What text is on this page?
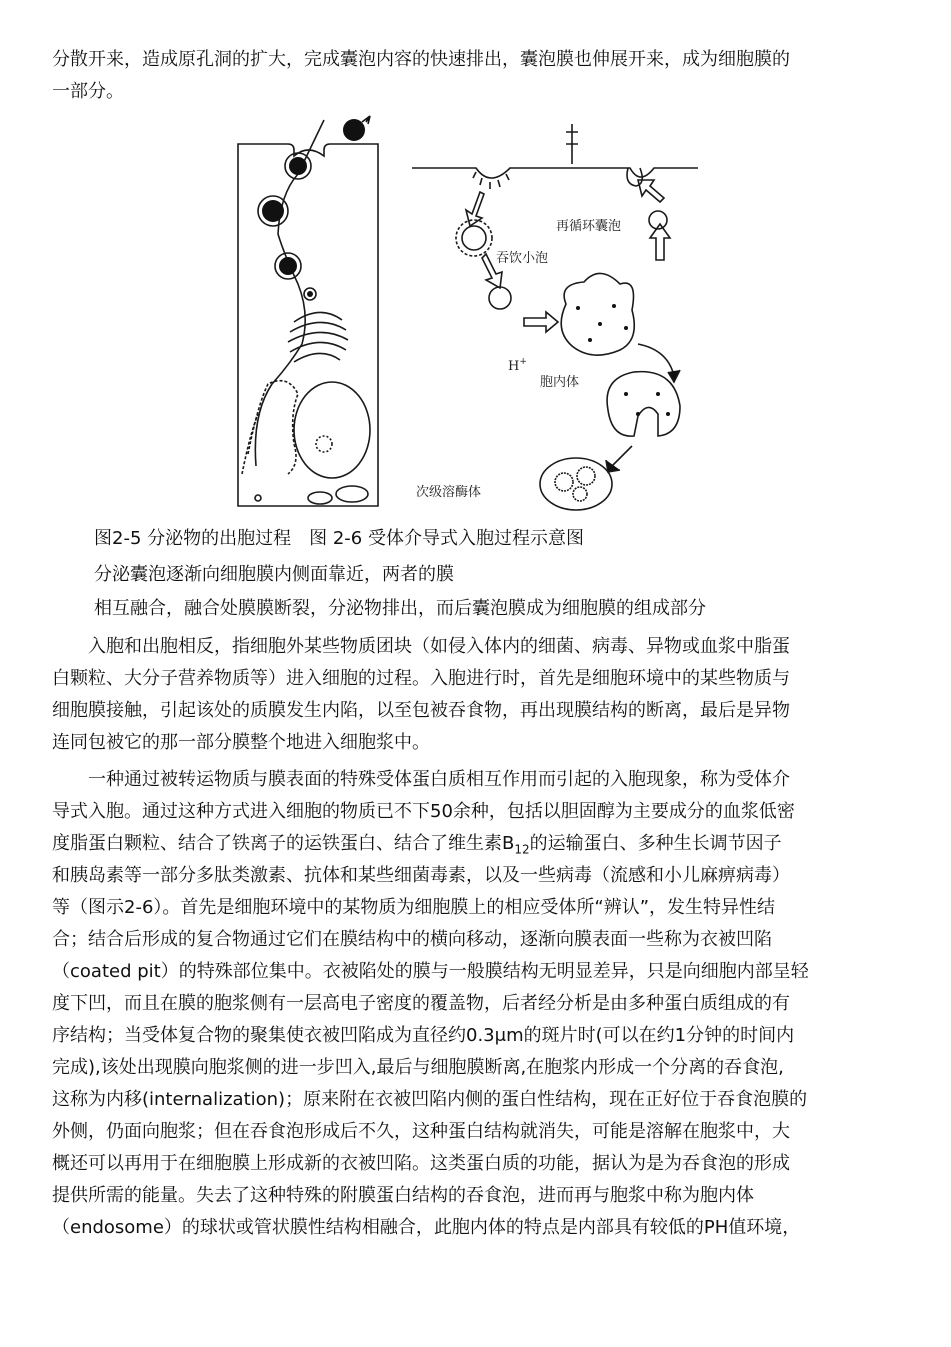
分散开来，造成原孔洞的扩大，完成囊泡内容的快速排出，囊泡膜也伸展开来，成为细胞膜的
一部分。
再循环囊泡
吞饮小泡
H+
胞内体
次级溶酶体
图2-5 分泌物的出胞过程　图 2-6 受体介导式入胞过程示意图
分泌囊泡逐渐向细胞膜内侧面靠近，两者的膜
相互融合，融合处膜膜断裂，分泌物排出，而后囊泡膜成为细胞膜的组成部分
入胞和出胞相反，指细胞外某些物质团块（如侵入体内的细菌、病毒、异物或血浆中脂蛋
白颗粒、大分子营养物质等）进入细胞的过程。入胞进行时，首先是细胞环境中的某些物质与
细胞膜接触，引起该处的质膜发生内陷，以至包被吞食物，再出现膜结构的断离，最后是异物
连同包被它的那一部分膜整个地进入细胞浆中。
一种通过被转运物质与膜表面的特殊受体蛋白质相互作用而引起的入胞现象，称为受体介
导式入胞。通过这种方式进入细胞的物质已不下50余种，包括以胆固醇为主要成分的血浆低密
度脂蛋白颗粒、结合了铁离子的运铁蛋白、结合了维生素$B_{12}$的运输蛋白、多种生长调节因子
和胰岛素等一部分多肽类激素、抗体和某些细菌毒素，以及一些病毒（流感和小儿麻痹病毒）
等（图示2-6）。首先是细胞环境中的某物质为细胞膜上的相应受体所“辨认”，发生特异性结
合；结合后形成的复合物通过它们在膜结构中的横向移动，逐渐向膜表面一些称为衣被凹陷
（coated pit）的特殊部位集中。衣被陷处的膜与一般膜结构无明显差异，只是向细胞内部呈轻
度下凹，而且在膜的胞浆侧有一层高电子密度的覆盖物，后者经分析是由多种蛋白质组成的有
序结构；当受体复合物的聚集使衣被凹陷成为直径约0.3μm的斑片时(可以在约1分钟的时间内
完成),该处出现膜向胞浆侧的进一步凹入,最后与细胞膜断离,在胞浆内形成一个分离的吞食泡,
这称为内移(internalization)；原来附在衣被凹陷内侧的蛋白性结构，现在正好位于吞食泡膜的
外侧，仍面向胞浆；但在吞食泡形成后不久，这种蛋白结构就消失，可能是溶解在胞浆中，大
概还可以再用于在细胞膜上形成新的衣被凹陷。这类蛋白质的功能，据认为是为吞食泡的形成
提供所需的能量。失去了这种特殊的附膜蛋白结构的吞食泡，进而再与胞浆中称为胞内体
（endosome）的球状或管状膜性结构相融合，此胞内体的特点是内部具有较低的PH值环境，
